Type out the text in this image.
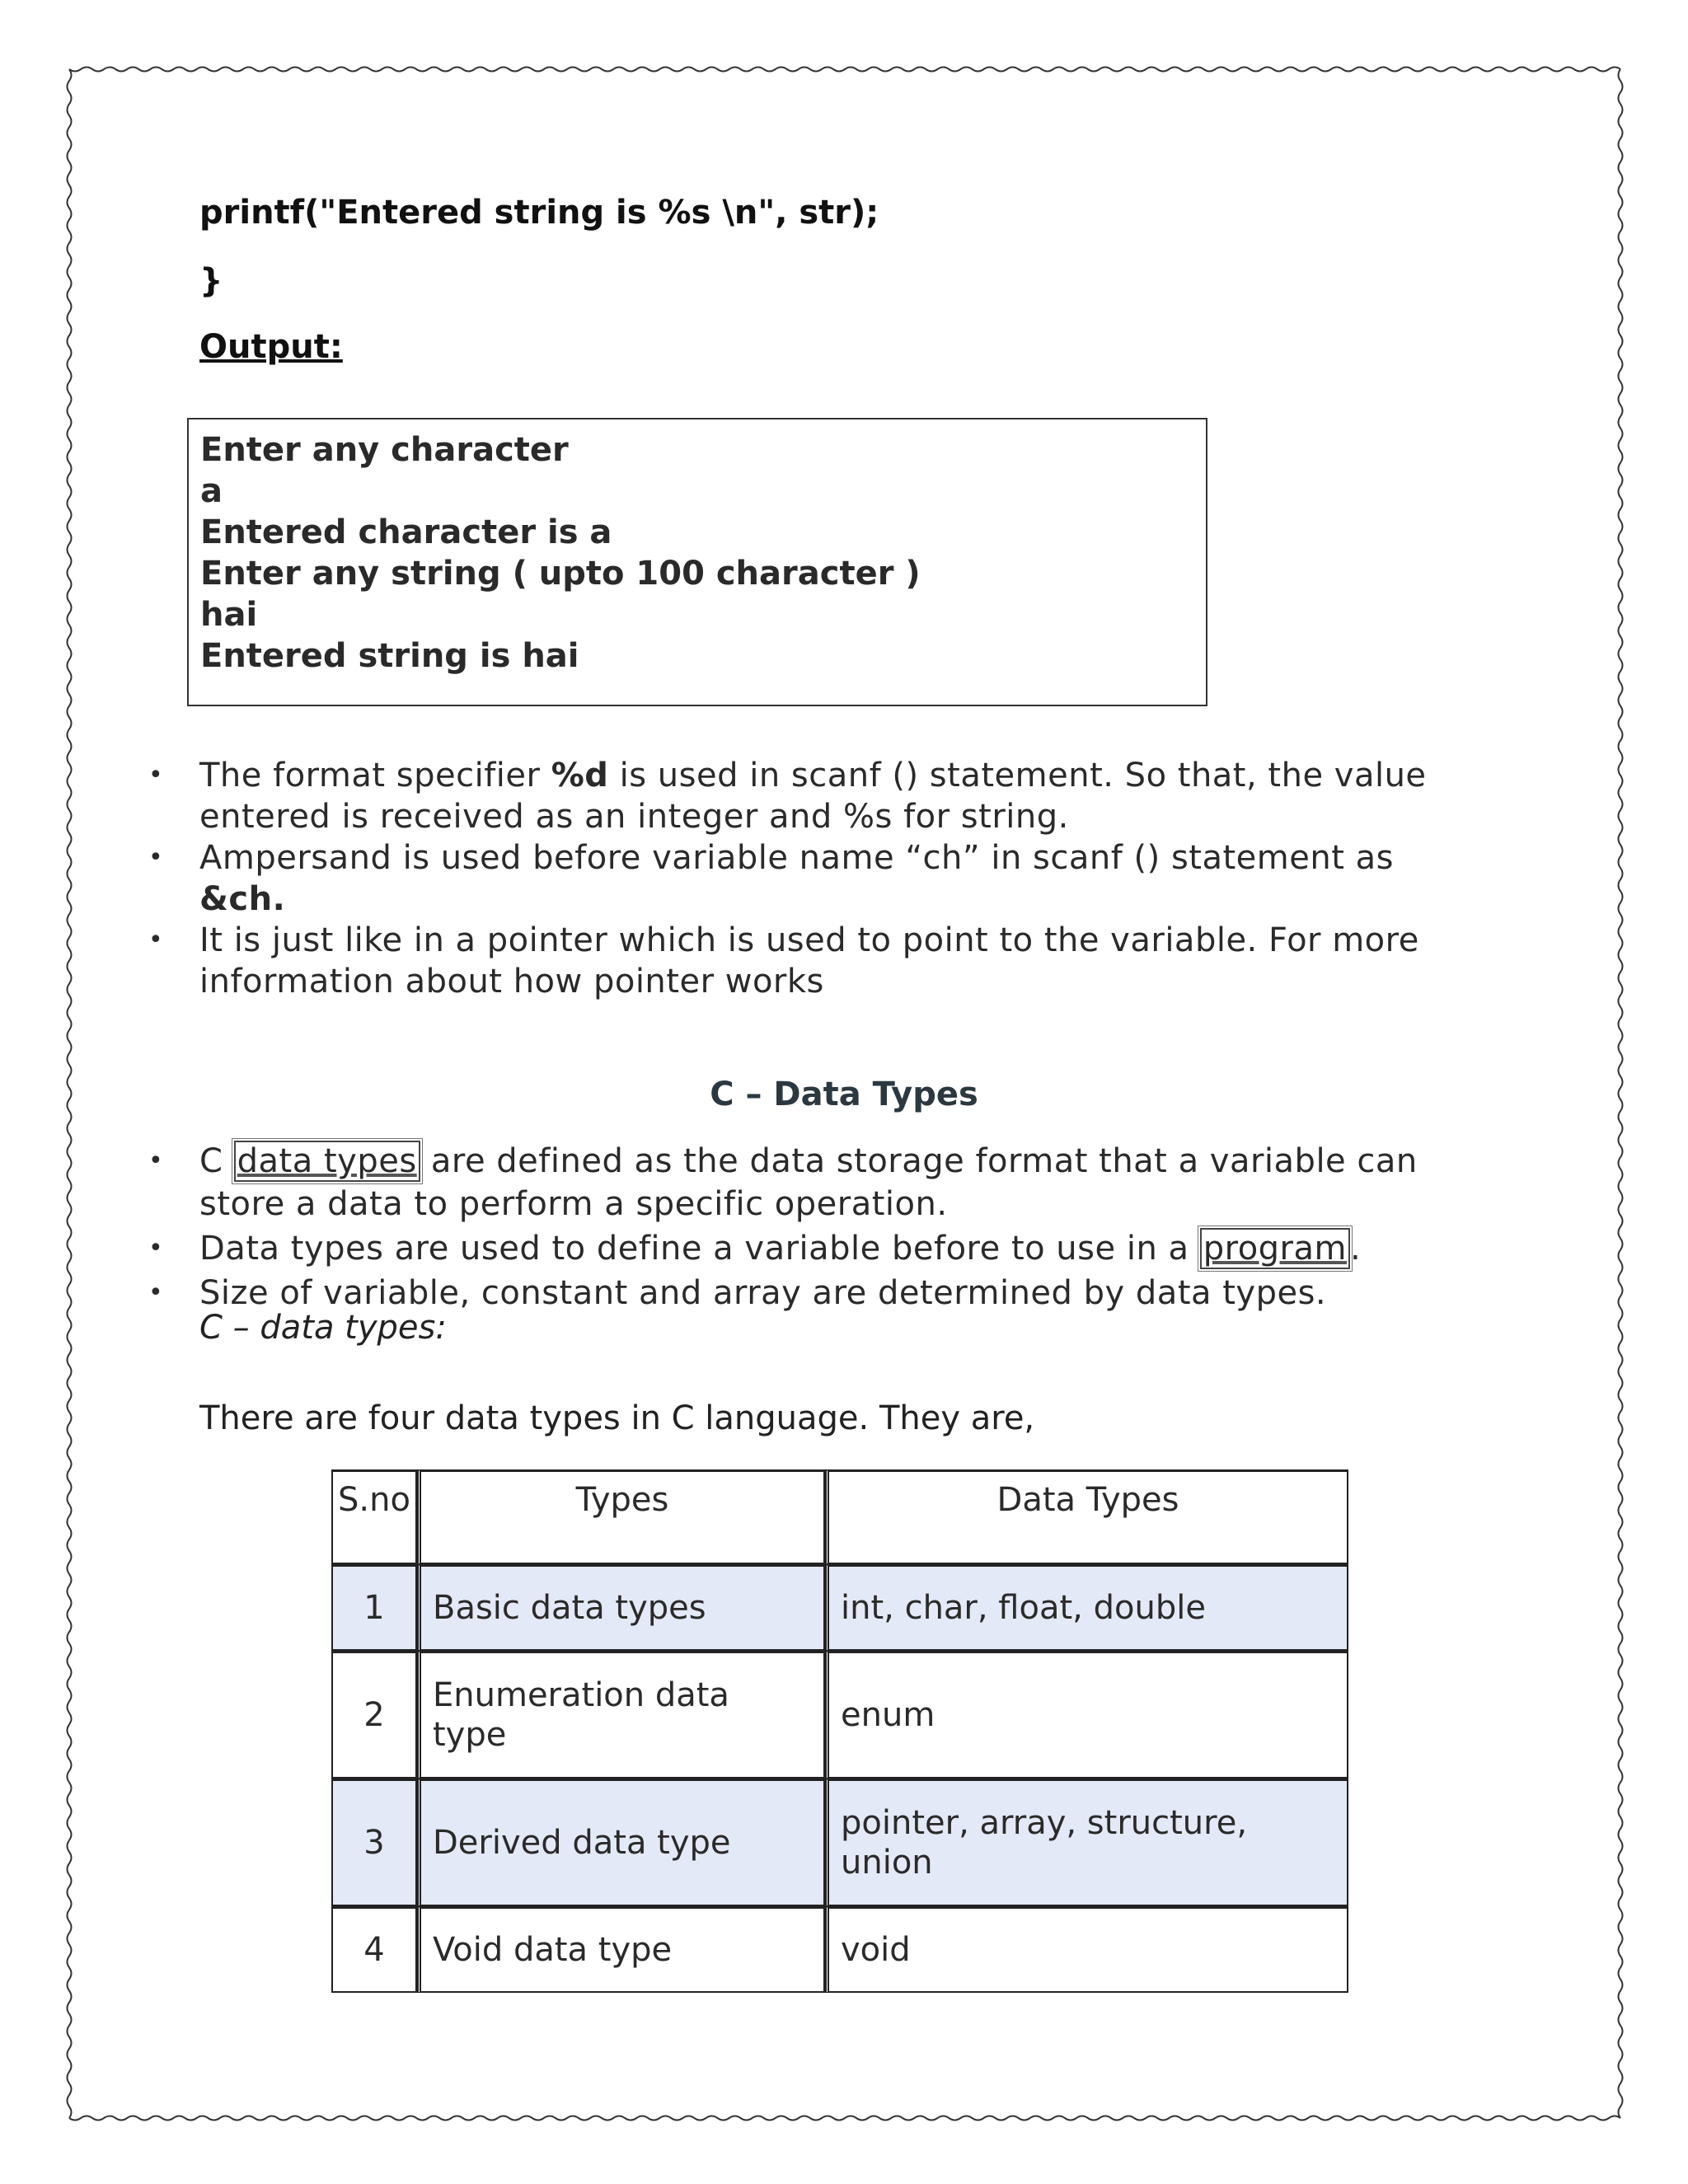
printf("Entered string is %s \n", str);
}
Output:
Enter any character
a
Entered character is a
Enter any string ( upto 100 character )
hai
Entered string is hai

• The format specifier %d is used in scanf () statement. So that, the value entered is received as an integer and %s for string.

• Ampersand is used before variable name “ch” in scanf () statement as &ch.

• It is just like in a pointer which is used to point to the variable. For more information about how pointer works

C – Data Types

• C data types are defined as the data storage format that a variable can store a data to perform a specific operation.

• Data types are used to define a variable before to use in a program .

• Size of variable, constant and array are determined by data types.

C – data types:
There are four data types in C language. They are,
S.no	Types	Data Types
1	Basic data types	int, char, float, double
2	Enumeration data type	enum
3	Derived data type	pointer, array, structure, union
4	Void data type	void
